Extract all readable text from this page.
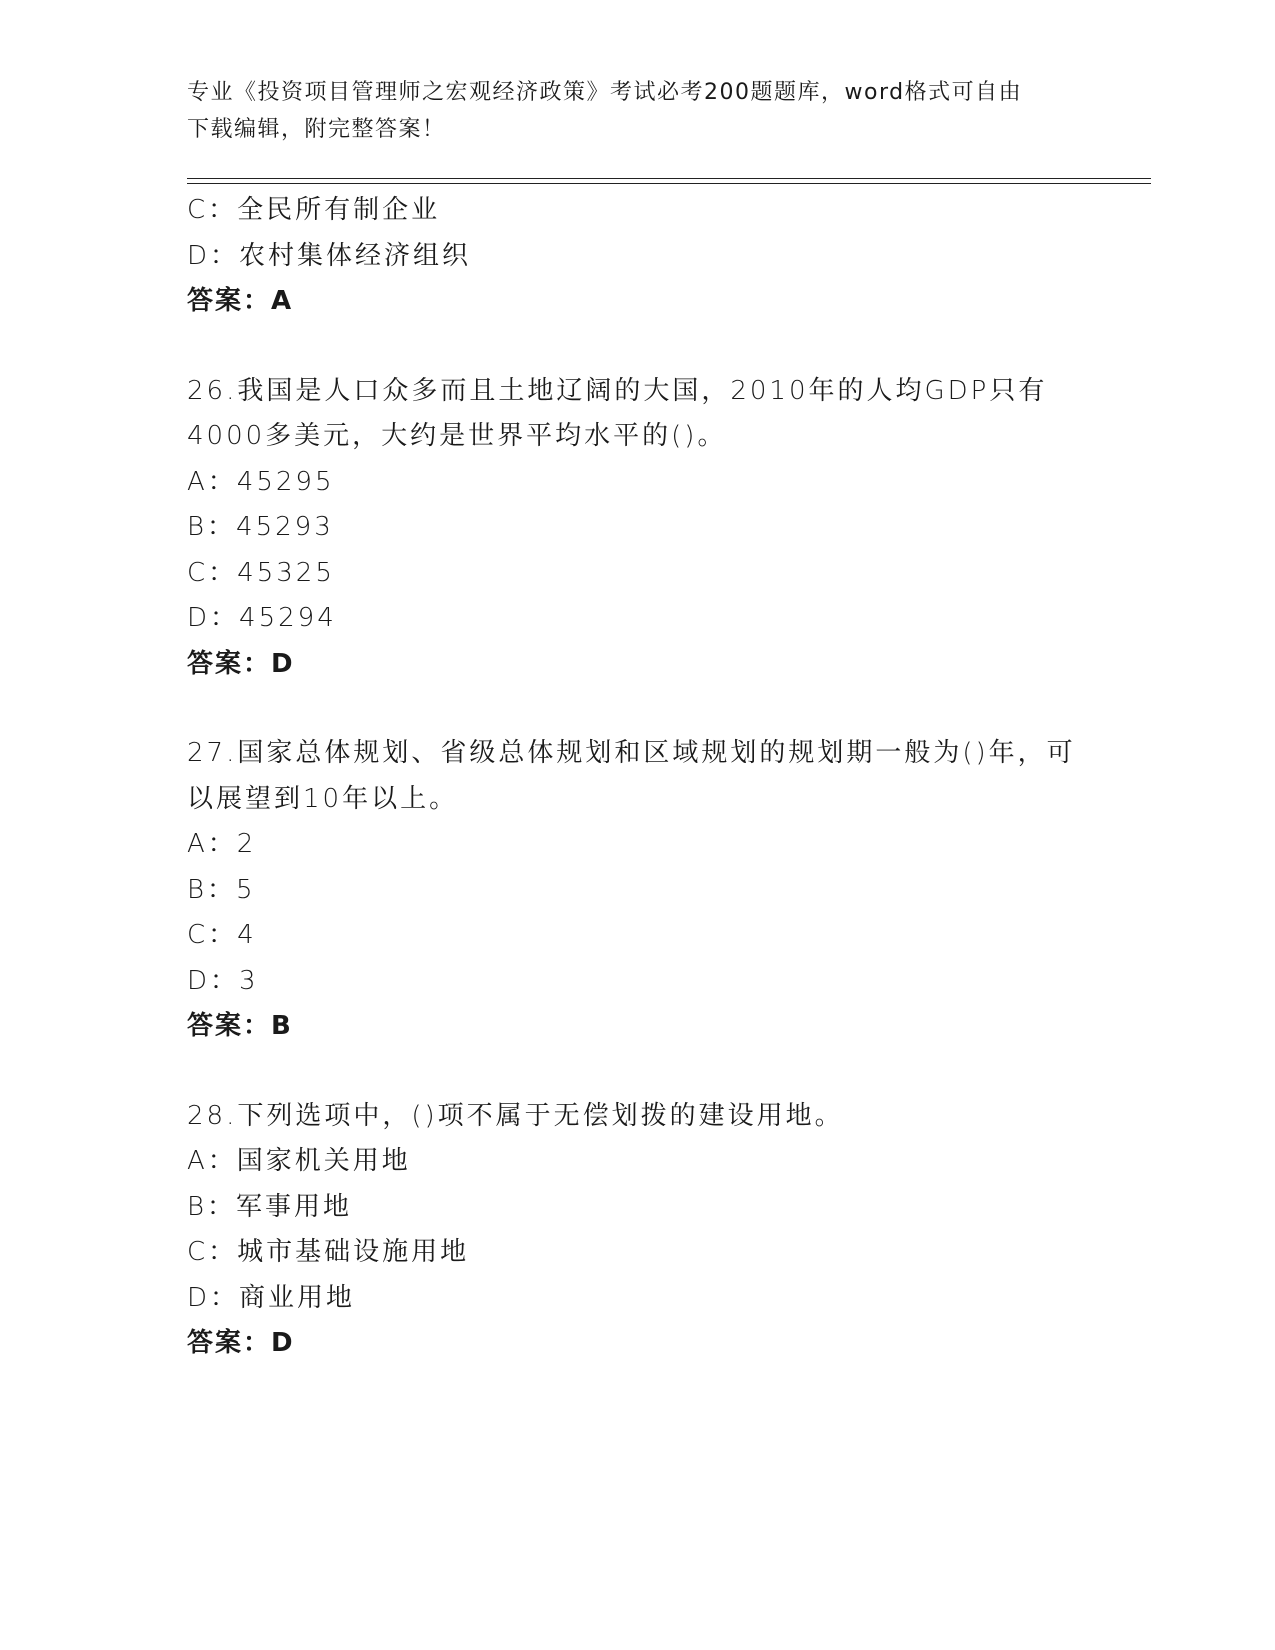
专业《投资项目管理师之宏观经济政策》考试必考200题题库，word格式可自由
下载编辑，附完整答案！
C：全民所有制企业
D：农村集体经济组织
答案：A
26.我国是人口众多而且土地辽阔的大国，2010年的人均GDP只有
4000多美元，大约是世界平均水平的()。
A：45295
B：45293
C：45325
D：45294
答案：D
27.国家总体规划、省级总体规划和区域规划的规划期一般为()年，可
以展望到10年以上。
A：2
B：5
C：4
D：3
答案：B
28.下列选项中，()项不属于无偿划拨的建设用地。
A：国家机关用地
B：军事用地
C：城市基础设施用地
D：商业用地
答案：D
